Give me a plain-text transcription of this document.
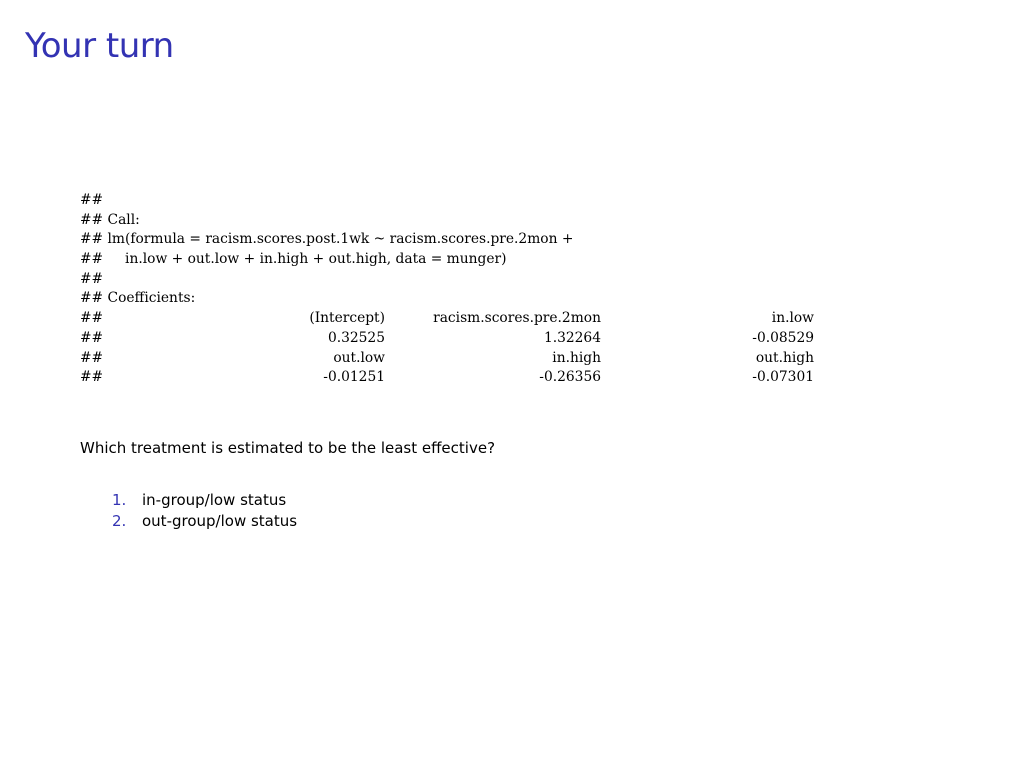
Your turn
##
## Call:
## lm(formula = racism.scores.post.1wk ~ racism.scores.pre.2mon +
##     in.low + out.low + in.high + out.high, data = munger)
##
## Coefficients:

##

	(Intercept)

	racism.scores.pre.2mon

	in.low

##

	0.32525

	1.32264

	-0.08529

##

	out.low

	in.high

	out.high

##

	-0.01251

	-0.26356

	-0.07301

Which treatment is estimated to be the least effective?

1.	in-group/low status
2.	out-group/low status
